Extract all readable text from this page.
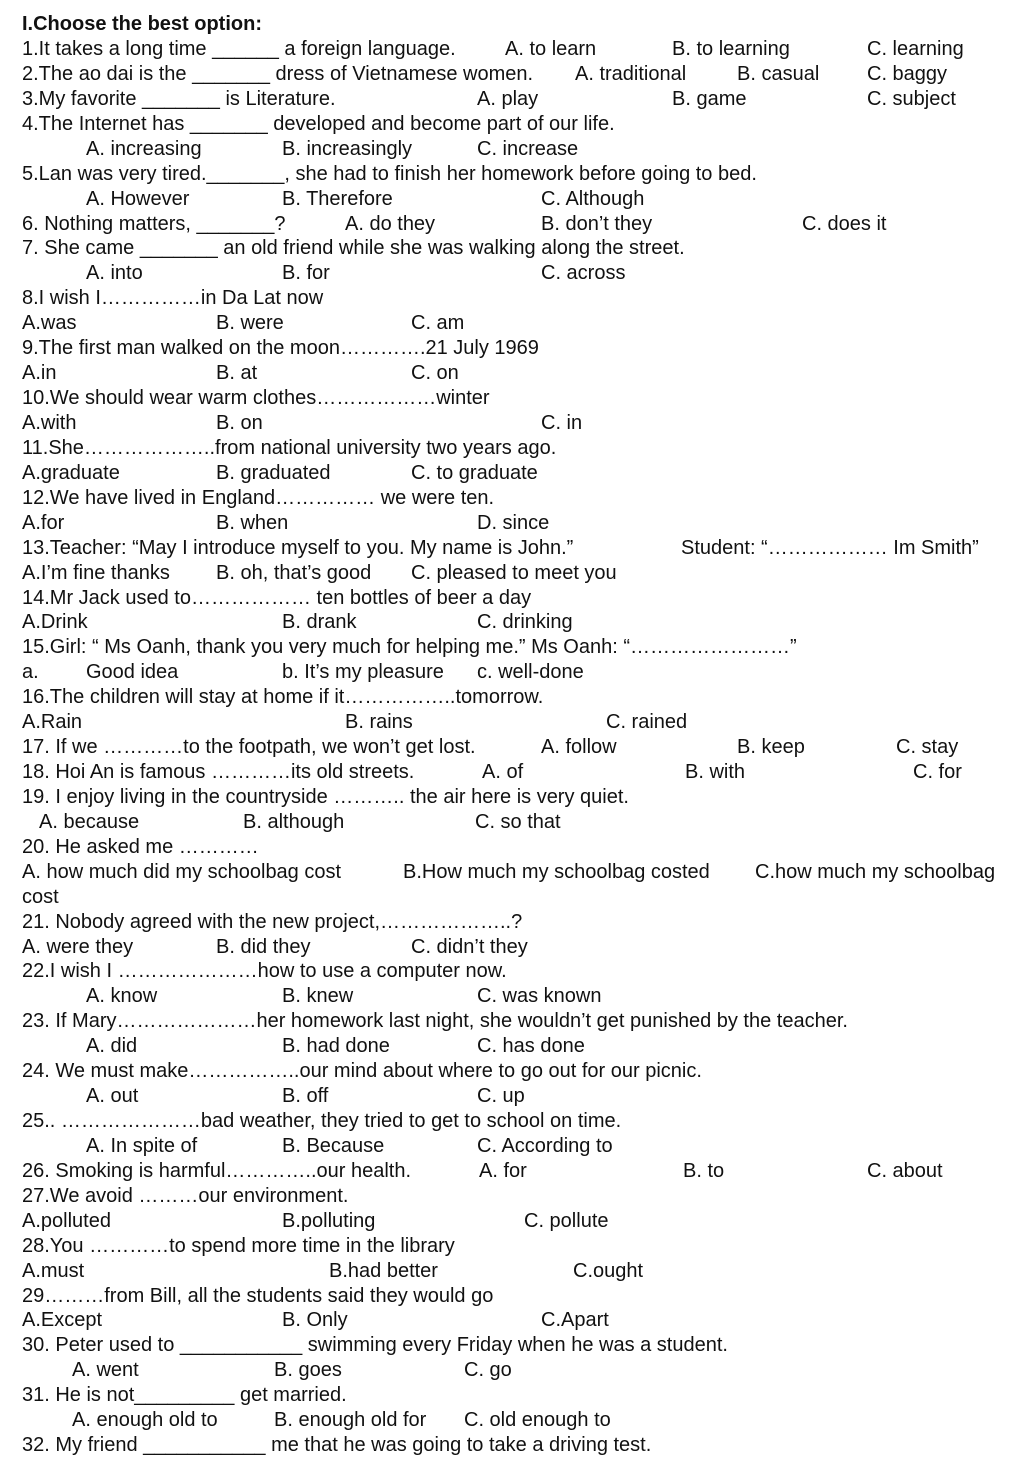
I.Choose the best option:
1.It takes a long time ______ a foreign language. A. to learn	B. to learning	C. learning
2.The ao dai is the _______ dress of Vietnamese women. A. traditional	B. casual C. baggy
3.My favorite _______ is Literature.	A. play	B. game	C. subject
4.The Internet has _______ developed and become part of our life.
A. increasing	B. increasingly	C. increase
5.Lan was very tired._______, she had to finish her homework before going to bed.
A. However	B. Therefore	C. Although
6. Nothing matters, _______?	A. do they	B. don’t they	C. does it
7. She came _______ an old friend while she was walking along the street.
A. into	B. for	C. across
8.I wish I……………in Da Lat now
A.was	B. were	C. am
9.The first man walked on the moon………….21 July 1969
A.in	B. at	C. on
10.We should wear warm clothes………………winter
A.with	B. on	C. in
11.She………………..from national university two years ago.
A.graduate	B. graduated	C. to graduate
12.We have lived in England…………… we were ten.
A.for	B. when	D. since
13.Teacher: “May I introduce myself to you. My name is John.”	Student: “……………… Im Smith”
A.I’m fine thanks B. oh, that’s good C. pleased to meet you
14.Mr Jack used to……………… ten bottles of beer a day
A.Drink	B. drank	C. drinking
15.Girl: “ Ms Oanh, thank you very much for helping me.” Ms Oanh: “……………………”
a. Good idea	b. It’s my pleasure c. well-done
16.The children will stay at home if it……………..tomorrow.
A.Rain	B. rains	C. rained
17. If we …………to the footpath, we won’t get lost.	A. follow	B. keep	C. stay
18. Hoi An is famous …………its old streets.	A. of	B. with	C. for
19. I enjoy living in the countryside ……….. the air here is very quiet.
A. because	B. although	C. so that
20. He asked me …………
A. how much did my schoolbag cost	B.How much my schoolbag costed C.how much my schoolbag
cost
21. Nobody agreed with the new project,………………..?
A. were they	B. did they	C. didn’t they
22.I wish I …………………how to use a computer now.
A. know	B. knew	C. was known
23. If Mary…………………her homework last night, she wouldn’t get punished by the teacher.
A. did	B. had done	C. has done
24. We must make……………..our mind about where to go out for our picnic.
A. out	B. off	C. up
25.. …………………bad weather, they tried to get to school on time.
A. In spite of	B. Because	C. According to
26. Smoking is harmful…………..our health.	A. for	B. to	C. about
27.We avoid ………our environment.
A.polluted	B.polluting	C. pollute
28.You …………to spend more time in the library
A.must	B.had better	C.ought
29………from Bill, all the students said they would go
A.Except	B. Only	C.Apart
30. Peter used to ___________ swimming every Friday when he was a student.
A. went	B. goes	C. go
31. He is not_________ get married.
A. enough old to	B. enough old for C. old enough to
32. My friend ___________ me that he was going to take a driving test.
